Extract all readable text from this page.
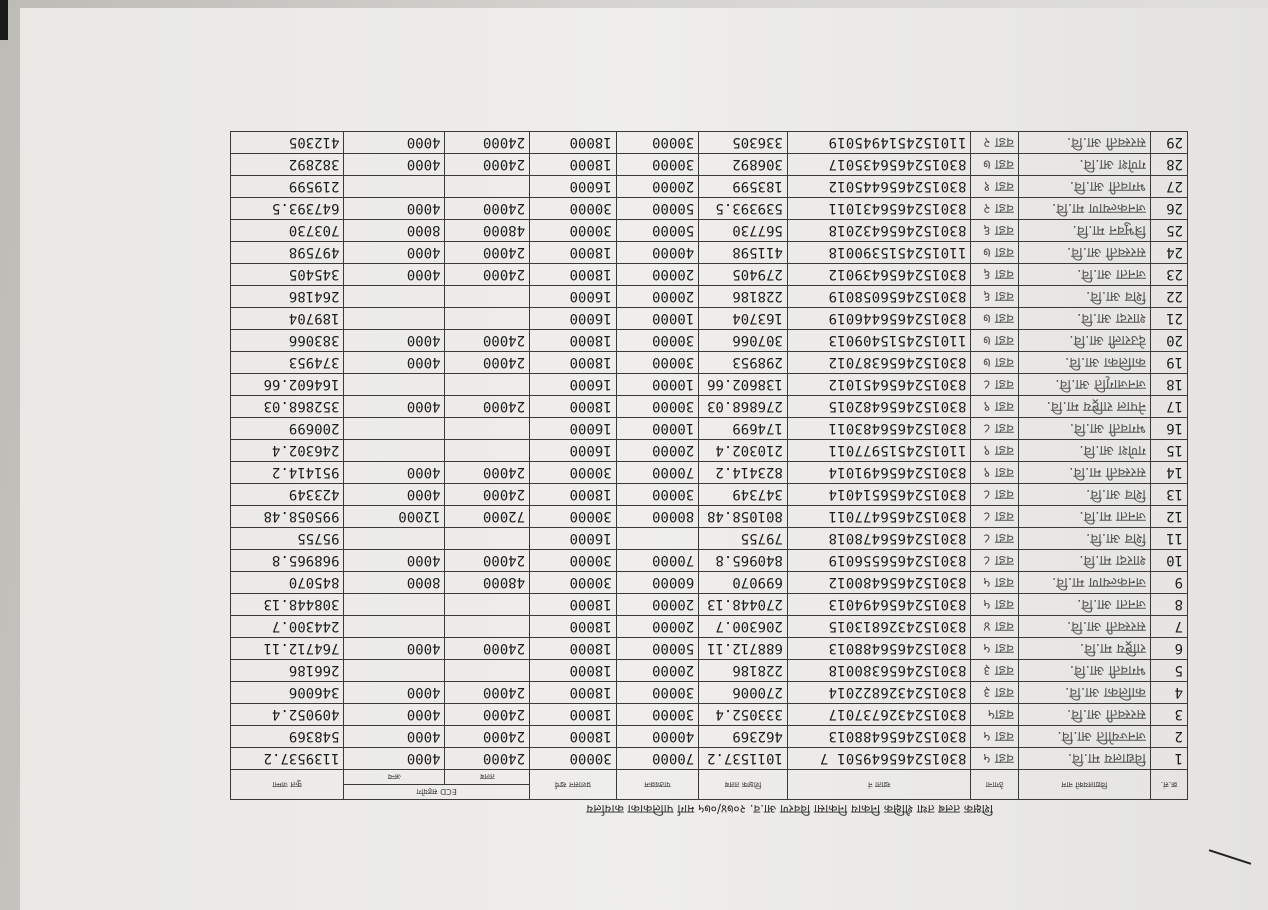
शिक्षक तलब तथा शैक्षिक निकाय निकासा विवरण आ.व. २०७४/०७५ मार्ग पालिकाका कार्यालय
क्र.सं.	विद्यालयको नाम	ठेगाना	खाता नं	शिक्षक तलब	पाठ्यक्रम	प्रशासन खर्च	ECD सहयोग		कुल जम्मा
							तलब	अन्य	
1	विद्यालय मा.वि.	वडा ५	830152465649501 7	1011537.2	70000	30000	24000	4000	1139537.2
2	जनज्योति आ.वि.	वडा ५	8301524656488013	462369	40000	18000	24000	4000	548369
3	सरस्वती आ.वि.	वडा५	8301524326737017	333052.4	30000	18000	24000	4000	409052.4
4	कालिका आ.वि.	वडा ३	8301524326822014	270006	30000	18000	24000	4000	346006
5	भगवती आ.वि.	वडा ३	8301524656380018	228186	20000	18000			266186
6	राष्ट्रिय मा.वि.	वडा ५	8301524656488013	688712.11	50000	18000	24000	4000	764712.11
7	सरस्वती आ.वि.	वडा ४	8301524326813015	206300.7	20000	18000			244300.7
8	जनता आ.वि.	वडा ५	8301524656494013	270448.13	20000	18000			308448.13
9	जनकल्याण मा.वि.	वडा ५	8301524656480012	699070	60000	30000	48000	8000	845070
10	शारदा मा.वि.	वडा ८	8301524656556019	840965.8	70000	30000	24000	4000	968965.8
11	शिव आ.वि.	वडा ८	8301524656478018	79755		16000			95755
12	जनता मा.वि.	वडा ८	8301524656477011	801058.48	80000	30000	72000	12000	995058.48
13	शिव आ.वि.	वडा ८	8301524656514014	347349	30000	18000	24000	4000	423349
14	सरस्वती मा.वि.	वडा ९	8301524656491014	823414.2	70000	30000	24000	4000	951414.2
15	गणेश आ.वि.	वडा ९	1101524515977011	210302.4	20000	16000			246302.4
16	भगवती आ.वि.	वडा ८	8301524656483011	174699	10000	16000			200699
17	नेपाल राष्ट्रिय मा.वि.	वडा ९	8301524656482015	276868.03	30000	18000	24000	4000	352868.03
18	जनजागृति आ.वि.	वडा ८	8301524656451012	138602.66	10000	16000			164602.66
19	कालिका आ.वि.	वडा ७	8301524656387012	298953	30000	18000	24000	4000	374953
20	देउराली आ.वि.	वडा ७	1101524515409013	307066	30000	18000	24000	4000	383066
21	शारदा आ.वि.	वडा ७	8301524656446019	163704	10000	16000			189704
22	शिव आ.वि.	वडा ६	8301524656058019	228186	20000	16000			264186
23	जनता आ.वि.	वडा ६	8301524656439012	279405	20000	18000	24000	4000	345405
24	सरस्वती आ.वि.	वडा ७	1101524515390018	411598	40000	18000	24000	4000	497598
25	त्रिभुवन मा.वि.	वडा ६	8301524656432018	567730	50000	30000	48000	8000	703730
26	जनकल्याण मा.वि.	वडा २	8301524656431011	539393.5	50000	30000	24000	4000	647393.5
27	भगवती आ.वि.	वडा १	8301524656445012	183599	20000	16000			219599
28	गणेश आ.वि.	वडा ७	8301524656435017	306892	30000	18000	24000	4000	382892
29	सरस्वती आ.वि.	वडा २	1101524514945019	336305	30000	18000	24000	4000	412305
